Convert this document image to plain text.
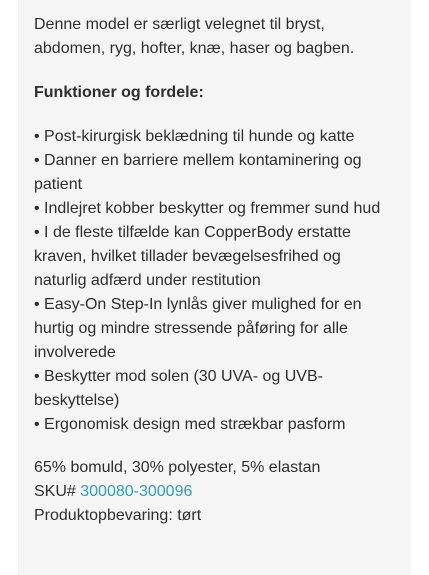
Denne model er særligt velegnet til bryst, abdomen, ryg, hofter, knæ, haser og bagben.

Funktioner og fordele:

• Post-kirurgisk beklædning til hunde og katte
• Danner en barriere mellem kontaminering og patient
• Indlejret kobber beskytter og fremmer sund hud
• I de fleste tilfælde kan CopperBody erstatte kraven, hvilket tillader bevægelsesfrihed og naturlig adfærd under restitution
• Easy-On Step-In lynlås giver mulighed for en hurtig og mindre stressende påføring for alle involverede
• Beskytter mod solen (30 UVA- og UVB-beskyttelse)
• Ergonomisk design med strækbar pasform

65% bomuld, 30% polyester, 5% elastan

SKU# 300080-300096

Produktopbevaring: tørt
